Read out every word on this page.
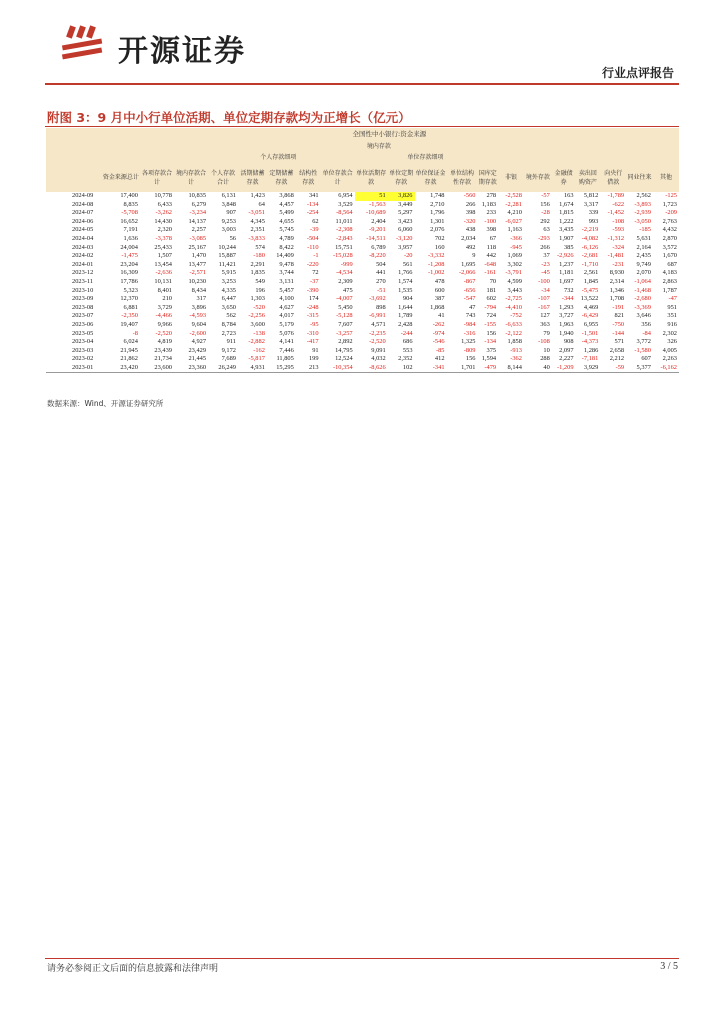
开源证券
行业点评报告
附图 3：9 月中小行单位活期、单位定期存款均为正增长（亿元）
	全国性中小银行:资金来源																			
				境内存款																
					个人存款细项				单位存款细项											
	资金来源总计	各项存款合计	境内存款合计	个人存款合计	活期储蓄存款	定期储蓄存款	结构性存款	单位存款合计	单位活期存款	单位定期存款	单位保证金存款	单位结构性存款	国库定期存款	非银	境外存款	金融债券	卖出回购资产	向央行借款	同业往来	其他
2024-09	17,400	10,778	10,835	6,131	1,423	3,868	341	6,954	51	3,826	1,748	-560	278	-2,528	-57	163	5,812	-1,789	2,562	-125
2024-08	8,835	6,433	6,279	3,848	64	4,457	-134	3,529	-1,563	3,449	2,710	266	1,183	-2,281	156	1,674	3,317	-622	-3,893	1,723
2024-07	-5,708	-3,262	-3,234	907	-3,051	5,499	-254	-8,564	-10,689	5,297	1,796	398	233	4,210	-28	1,815	339	-1,452	-2,939	-209
2024-06	16,652	14,430	14,137	9,253	4,345	4,655	62	11,011	2,404	3,423	1,301	-320	-100	-6,027	292	1,222	993	-108	-3,050	2,763
2024-05	7,191	2,320	2,257	3,003	2,351	5,745	-39	-2,308	-9,201	6,060	2,076	438	398	1,163	63	3,435	-2,219	-593	-185	4,432
2024-04	1,636	-3,378	-3,085	56	-3,833	4,789	-504	-2,843	-14,511	-3,120	702	2,034	67	-366	-293	1,907	-4,082	-1,312	5,631	2,870
2024-03	24,004	25,433	25,167	10,244	574	8,422	-110	15,751	6,789	3,957	160	492	118	-945	266	385	-6,126	-324	2,164	3,572
2024-02	-1,475	1,507	1,470	15,887	-180	14,409	-1	-15,028	-8,220	-20	-3,332	9	442	1,069	37	-2,926	-2,681	-1,481	2,435	1,670
2024-01	23,204	13,454	13,477	11,421	2,291	9,478	-220	-999	504	561	-1,208	1,695	-648	3,302	-23	1,237	-1,710	-231	9,749	687
2023-12	16,309	-2,636	-2,571	5,915	1,835	3,744	72	-4,534	441	1,766	-1,002	-2,066	-161	-3,791	-45	1,181	2,561	8,930	2,070	4,183
2023-11	17,786	10,131	10,230	3,253	549	3,131	-37	2,309	270	1,574	478	-867	70	4,599	-100	1,697	1,845	2,314	-1,064	2,863
2023-10	5,323	8,401	8,434	4,335	196	5,457	-390	475	-51	1,535	600	-656	181	3,443	-34	732	-5,475	1,346	-1,468	1,787
2023-09	12,370	210	317	6,447	1,303	4,100	174	-4,007	-3,692	904	387	-547	602	-2,725	-107	-344	13,522	1,708	-2,680	-47
2023-08	6,881	3,729	3,896	3,650	-520	4,627	-248	5,450	898	1,644	1,868	47	-794	-4,410	-167	1,293	4,469	-191	-3,369	951
2023-07	-2,350	-4,466	-4,593	562	-2,256	4,017	-315	-5,128	-6,991	1,789	41	743	724	-752	127	3,727	-6,429	821	3,646	351
2023-06	19,407	9,966	9,604	8,784	3,600	5,179	-95	7,607	4,571	2,428	-262	-984	-155	-6,633	363	1,963	6,955	-750	356	916
2023-05	-8	-2,520	-2,600	2,723	-138	5,076	-310	-3,257	-2,235	-244	-974	-316	156	-2,122	79	1,940	-1,501	-144	-84	2,302
2023-04	6,024	4,819	4,927	911	-2,882	4,141	-417	2,892	-2,520	686	-546	1,325	-134	1,858	-108	908	-4,373	571	3,772	326
2023-03	21,945	23,439	23,429	9,172	-162	7,446	91	14,795	9,091	553	-85	-809	375	-913	10	2,097	1,286	2,658	-1,580	4,005
2023-02	21,862	21,734	21,445	7,689	-5,817	11,805	199	12,524	4,032	2,352	412	156	1,594	-362	288	2,227	-7,181	2,212	607	2,263
2023-01	23,420	23,600	23,360	26,249	4,931	15,295	213	-10,354	-8,626	102	-341	1,701	-479	8,144	40	-1,209	3,929	-59	5,377	-6,162
数据来源：Wind、开源证券研究所
请务必参阅正文后面的信息披露和法律声明	3 / 5
